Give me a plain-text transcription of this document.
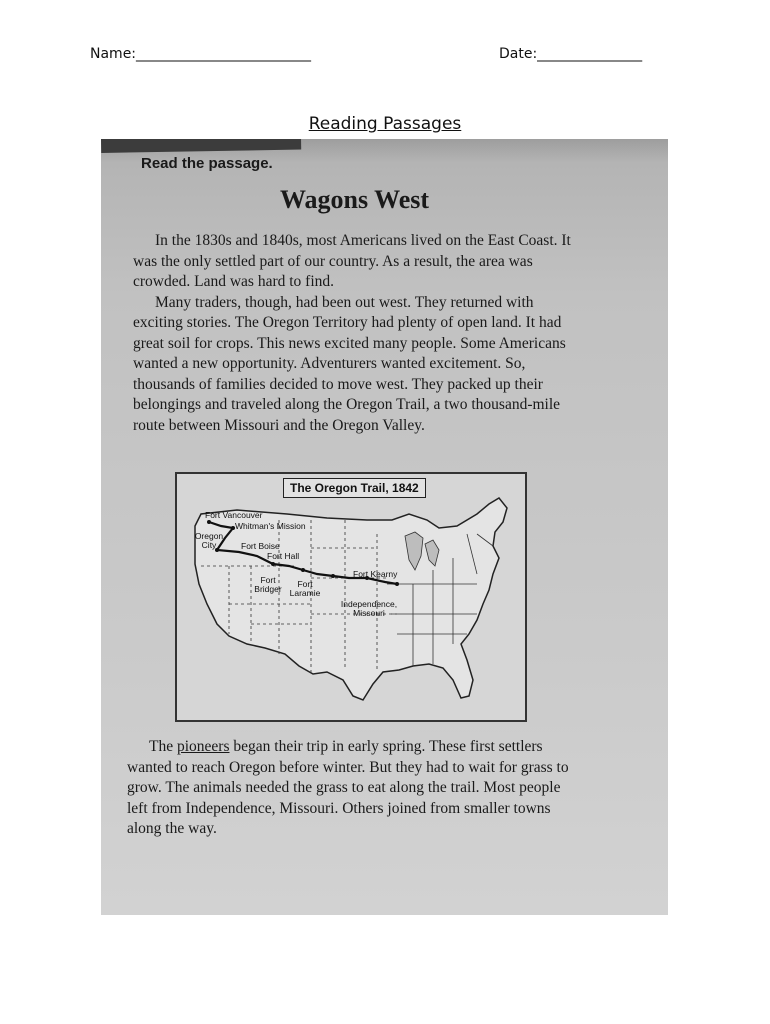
Name:_________________________	Date:_______________
Reading Passages
Read the passage.
Wagons West

In the 1830s and 1840s, most Americans lived on the East Coast. It was the only settled part of our country. As a result, the area was crowded. Land was hard to find.

Many traders, though, had been out west. They returned with exciting stories. The Oregon Territory had plenty of open land. It had great soil for crops. This news excited many people. Some Americans wanted a new opportunity. Adventurers wanted excitement. So, thousands of families decided to move west. They packed up their belongings and traveled along the Oregon Trail, a two thousand-mile route between Missouri and the Oregon Valley.

The Oregon Trail, 1842
Fort Vancouver
Whitman's Mission
Oregon City	Fort Boise
Fort Hall
Fort Bridger	Fort Laramie
Fort Kearny
Independence, Missouri

The pioneers began their trip in early spring. These first settlers wanted to reach Oregon before winter. But they had to wait for grass to grow. The animals needed the grass to eat along the trail. Most people left from Independence, Missouri. Others joined from smaller towns along the way.
